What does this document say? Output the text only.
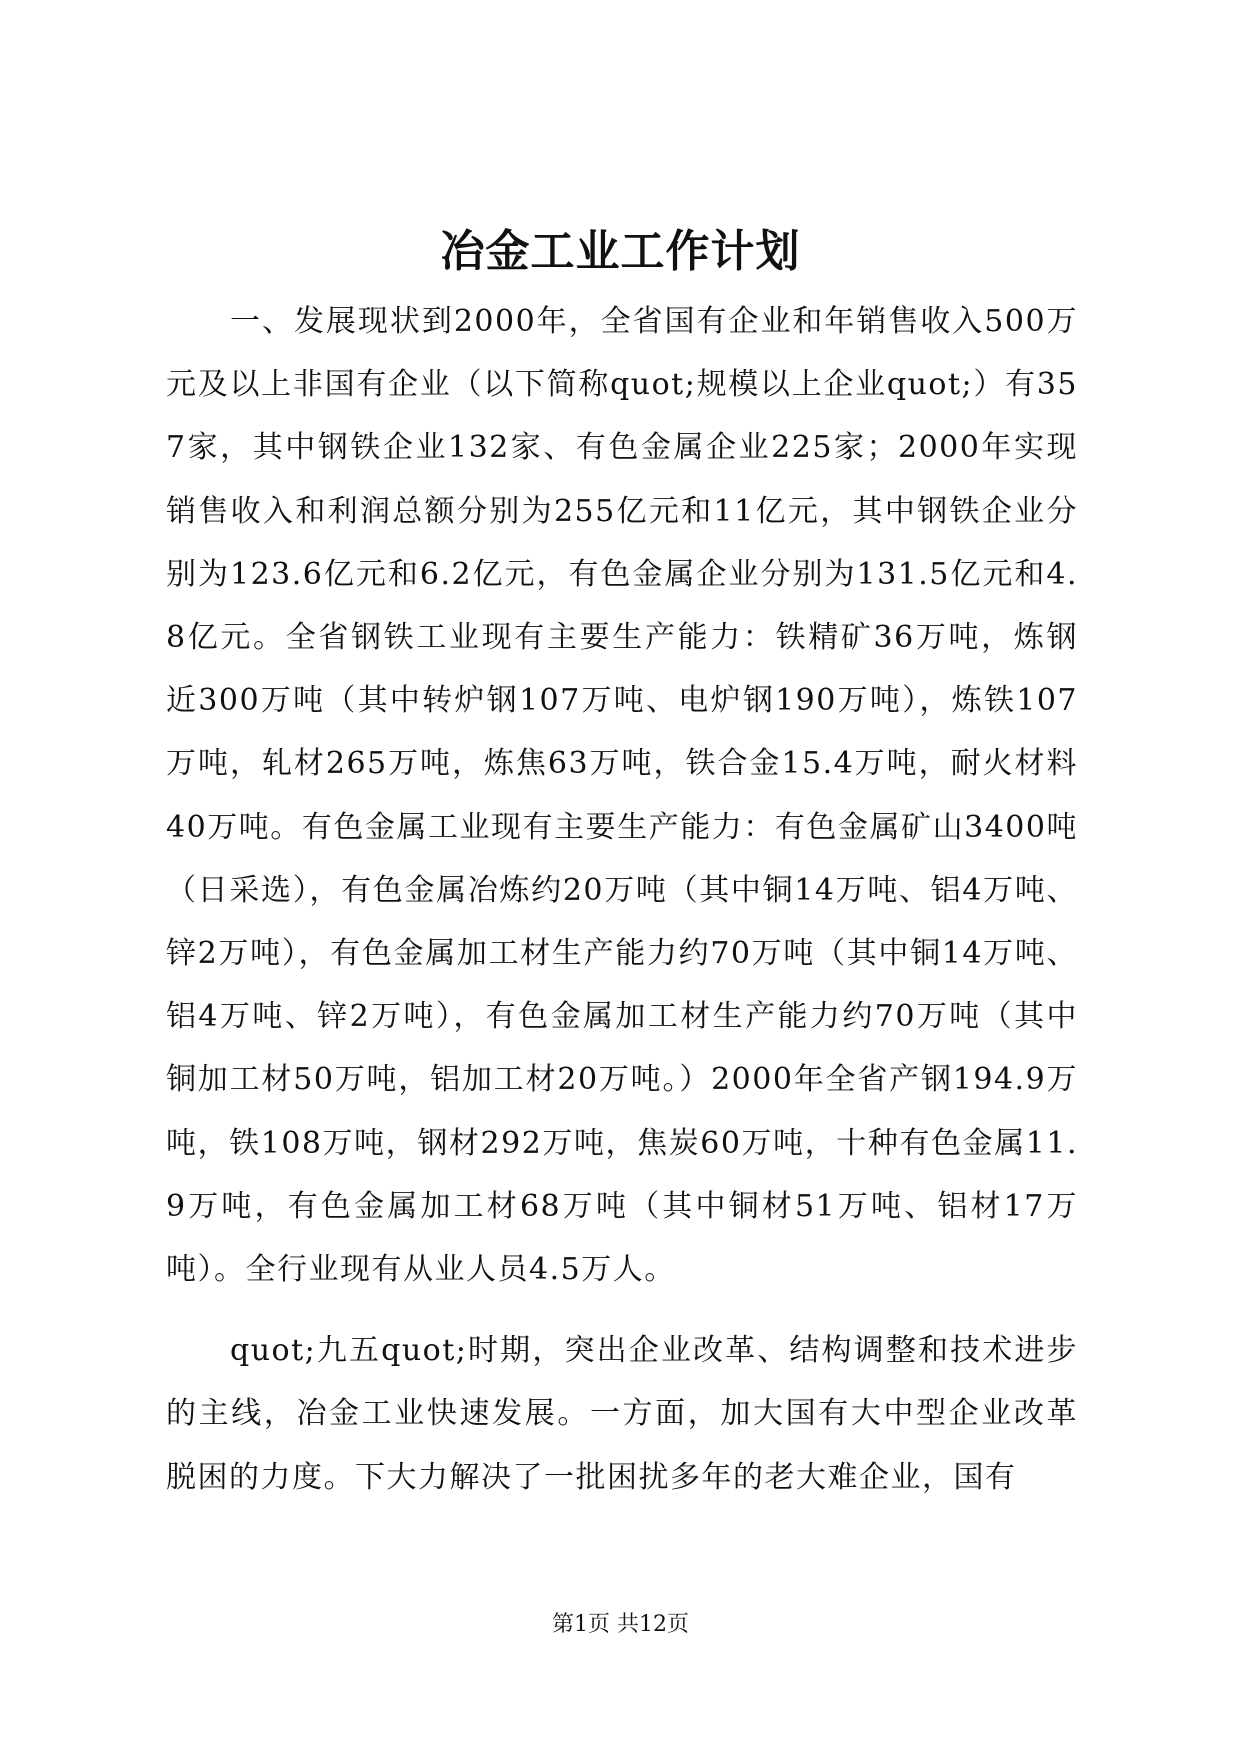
冶金工业工作计划

一、发展现状到2000年，全省国有企业和年销售收入500万元及以上非国有企业（以下简称quot;规模以上企业quot;）有357家，其中钢铁企业132家、有色金属企业225家；2000年实现销售收入和利润总额分别为255亿元和11亿元，其中钢铁企业分别为123.6亿元和6.2亿元，有色金属企业分别为131.5亿元和4.8亿元。全省钢铁工业现有主要生产能力：铁精矿36万吨，炼钢近300万吨（其中转炉钢107万吨、电炉钢190万吨），炼铁107万吨，轧材265万吨，炼焦63万吨，铁合金15.4万吨，耐火材料40万吨。有色金属工业现有主要生产能力：有色金属矿山3400吨（日采选），有色金属冶炼约20万吨（其中铜14万吨、铝4万吨、锌2万吨），有色金属加工材生产能力约70万吨（其中铜14万吨、铝4万吨、锌2万吨），有色金属加工材生产能力约70万吨（其中铜加工材50万吨，铝加工材20万吨。）2000年全省产钢194.9万吨，铁108万吨，钢材292万吨，焦炭60万吨，十种有色金属11.9万吨，有色金属加工材68万吨（其中铜材51万吨、铝材17万吨）。全行业现有从业人员4.5万人。

quot;九五quot;时期，突出企业改革、结构调整和技术进步的主线，冶金工业快速发展。一方面，加大国有大中型企业改革脱困的力度。下大力解决了一批困扰多年的老大难企业，国有

第1页 共12页
